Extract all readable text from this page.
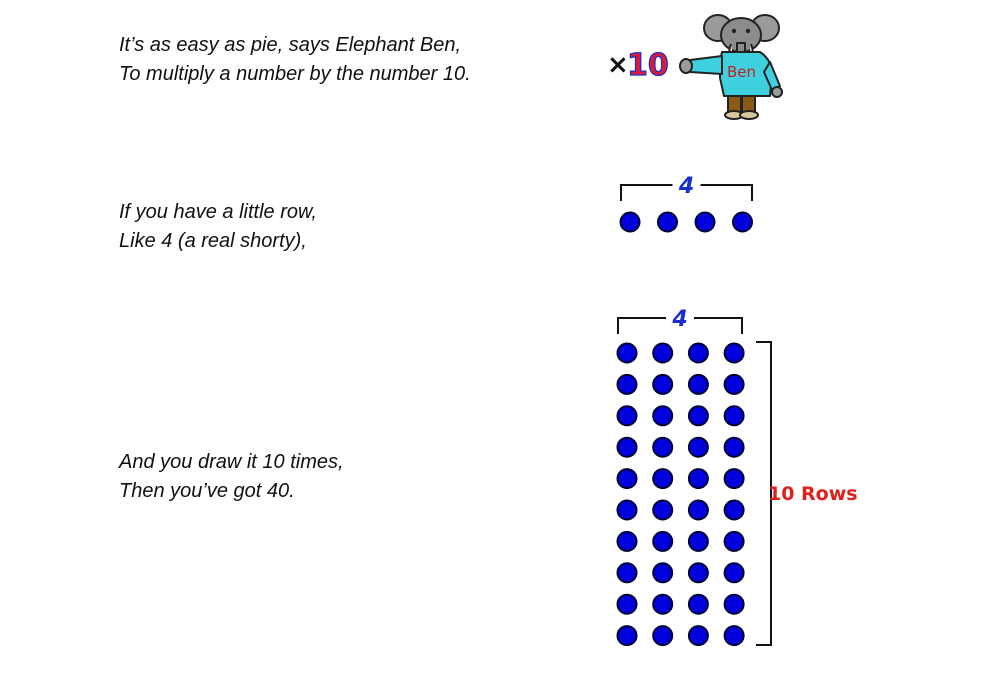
It’s as easy as pie, says Elephant Ben,
To multiply a number by the number 10.
If you have a little row,
Like 4 (a real shorty),
And you draw it 10 times,
Then you’ve got 40.
×
10	Ben
4
4
10 Rows
